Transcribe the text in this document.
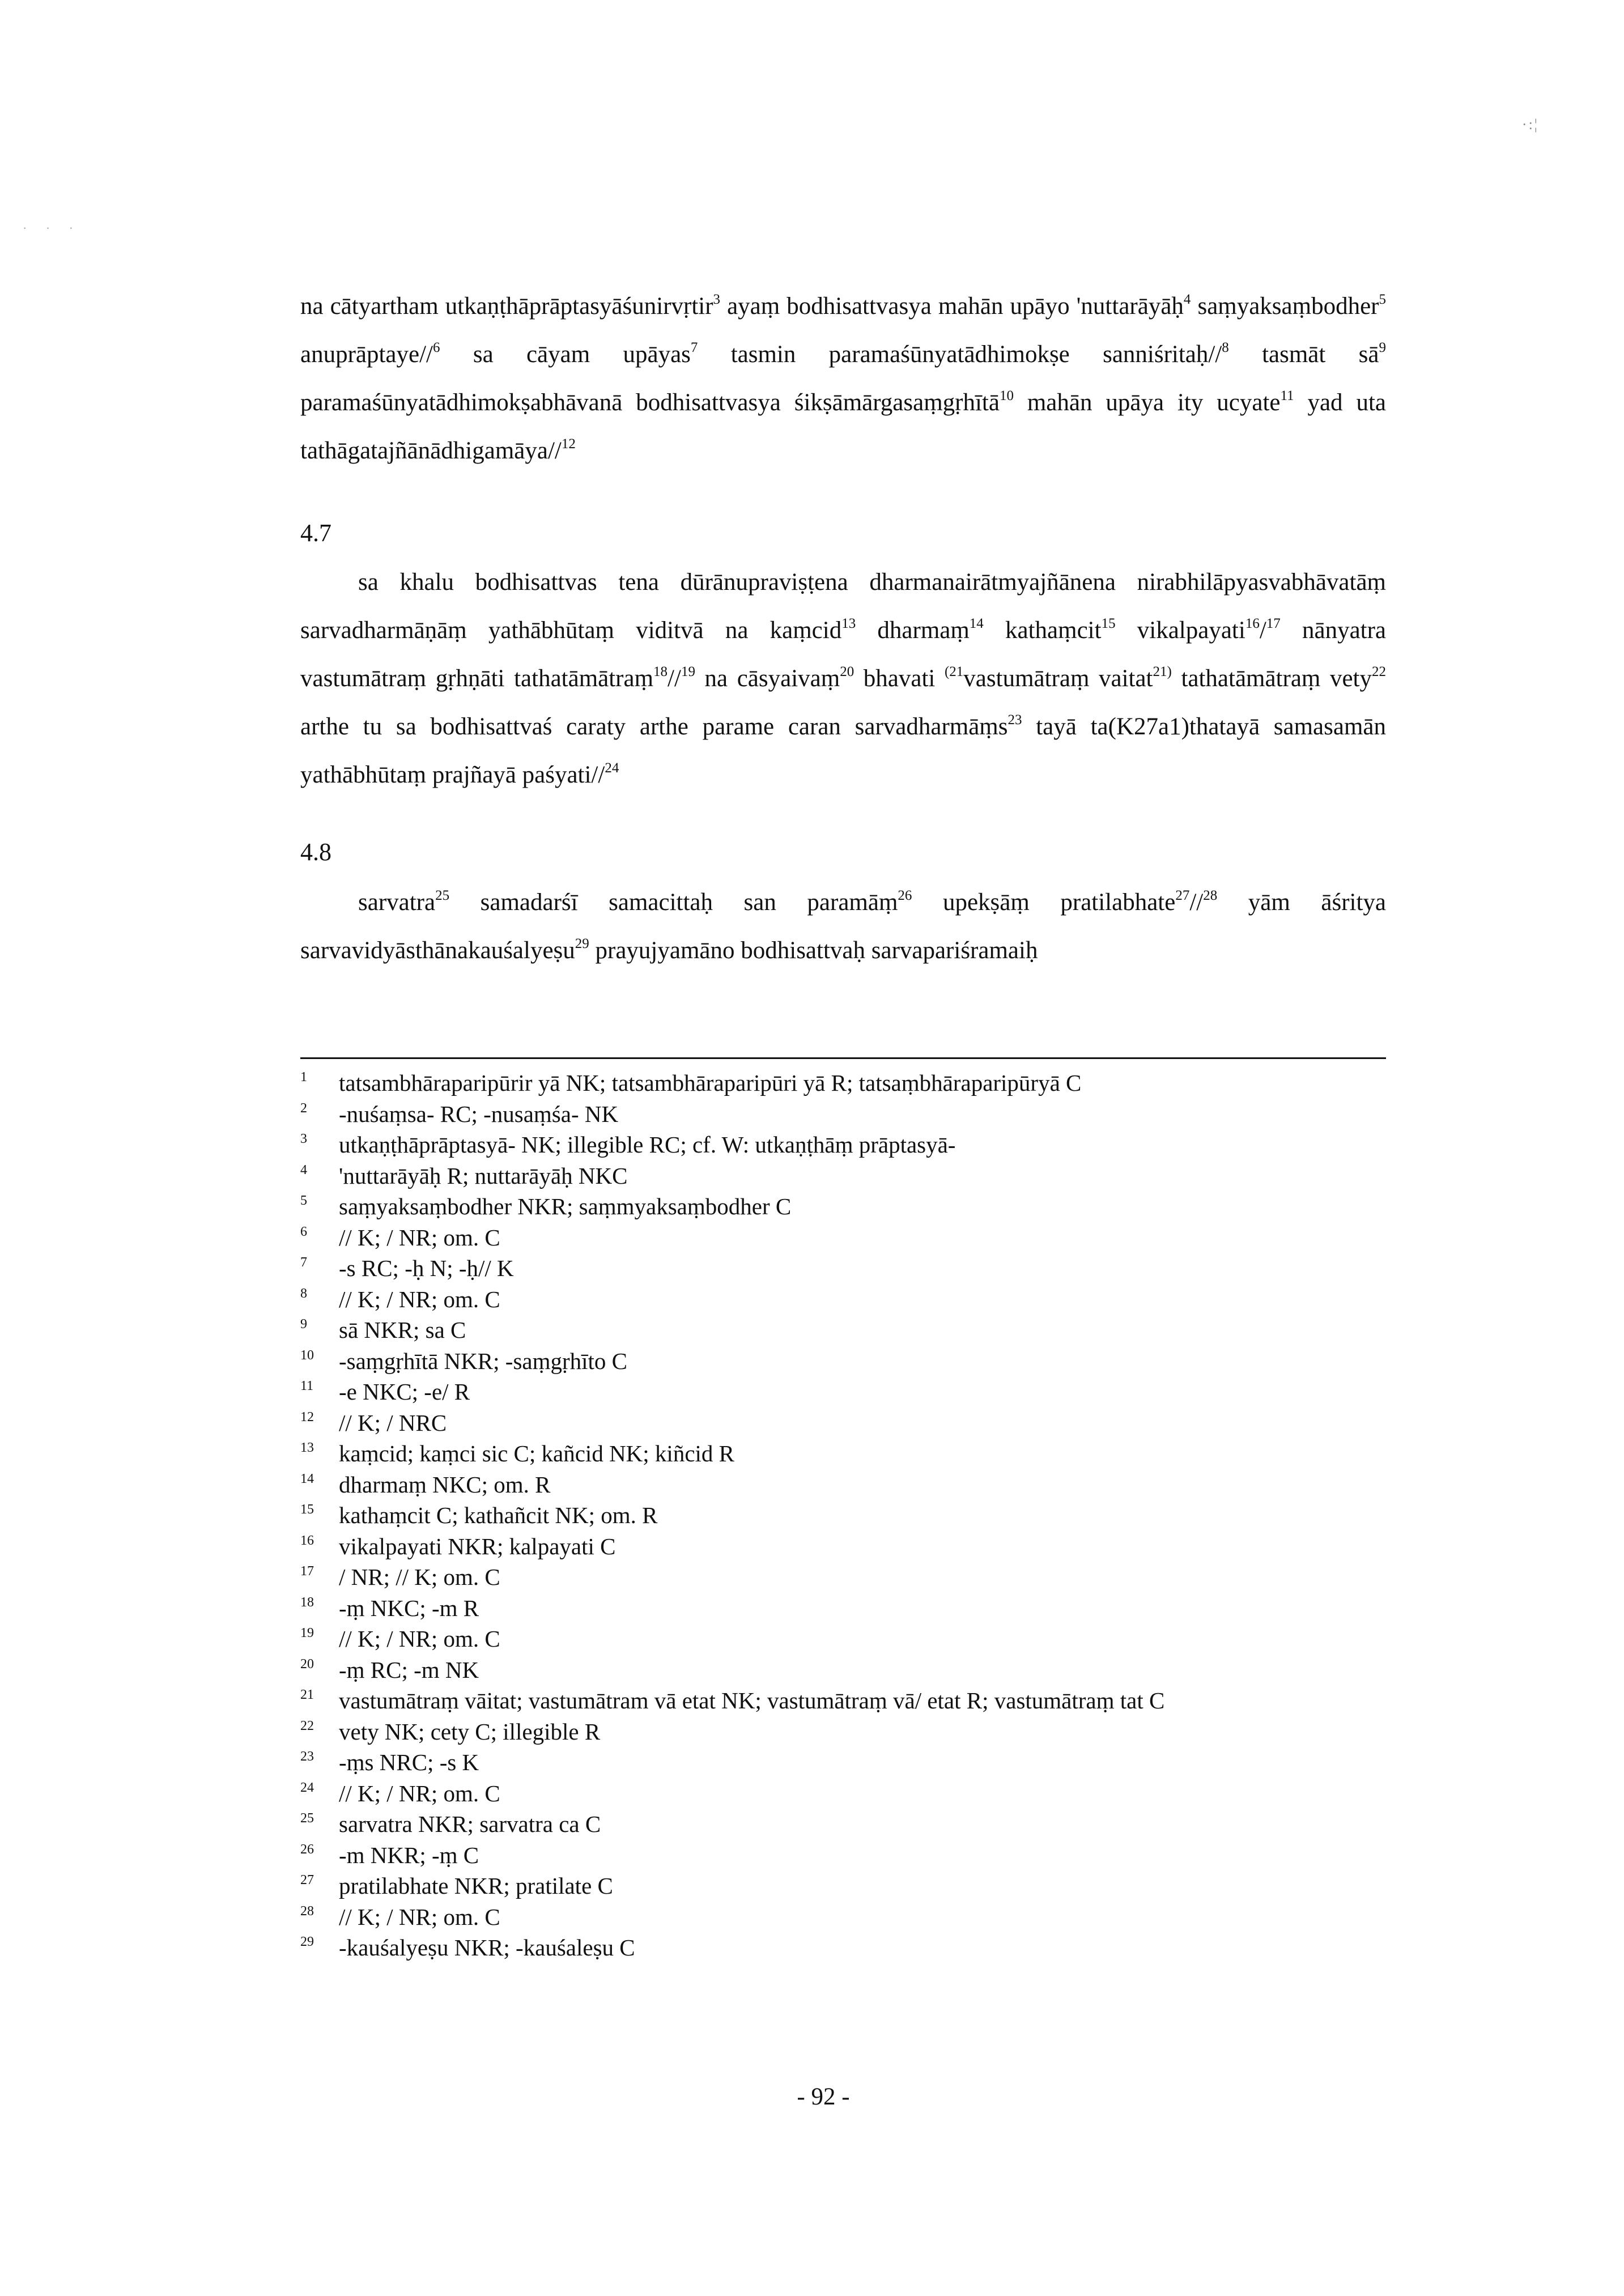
·:¦
· · ·

na cātyartham utkaṇṭhāprāptasyāśunirvṛtir$^3$ ayaṃ bodhisattvasya mahān upāyo 'nuttarāyāḥ$^4$ saṃyaksaṃbodher$^5$ anuprāptaye//$^6$ sa cāyam upāyas$^7$ tasmin paramaśūnyatādhimokṣe sanniśritaḥ//$^8$ tasmāt $sā^9$ paramaśūnyatādhimokṣabhāvanā bodhisattvasya śikṣāmārgasaṃgṛhītā$^{10}$ mahān upāya ity ucyate$^{11}$ yad uta tathāgatajñānādhigamāya//$^{12}$

4.7

sa khalu bodhisattvas tena dūrānupraviṣṭena dharmanairātmyajñānena nirabhilāpyasvabhāvatāṃ sarvadharmāṇāṃ yathābhūtaṃ viditvā na kaṃcid$^{13}$ dharmaṃ$^{14}$ kathaṃcit$^{15}$ vikalpayati$^{16}$/$^{17}$ nānyatra vastumātraṃ gṛhṇāti tathatāmātraṃ$^{18}$//$^{19}$ na cāsyaivaṃ$^{20}$ bhavati $^{(21}$vastumātraṃ vaitat$^{21)}$ tathatāmātraṃ vety$^{22}$ arthe tu sa bodhisattvaś caraty arthe parame caran sarvadharmāṃs$^{23}$ tayā ta(K27a1)thatayā samasamān yathābhūtaṃ prajñayā paśyati//$^{24}$

4.8

sarvatra$^{25}$ samadarśī samacittaḥ san paramāṃ$^{26}$ upekṣāṃ pratilabhate$^{27}$//$^{28}$ yām āśritya sarvavidyāsthānakauśalyeṣu$^{29}$ prayujyamāno bodhisattvaḥ sarvapariśramaiḥ

1	tatsambhāraparipūrir yā NK; tatsambhāraparipūri yā R; tatsaṃbhāraparipūryā C
2	-nuśaṃsa- RC; -nusaṃśa- NK
3	utkaṇṭhāprāptasyā- NK; illegible RC; cf. W: utkaṇṭhāṃ prāptasyā-
4	'nuttarāyāḥ R; nuttarāyāḥ NKC
5	saṃyaksaṃbodher NKR; saṃmyaksaṃbodher C
6	// K; / NR; om. C
7	-s RC; -ḥ N; -ḥ// K
8	// K; / NR; om. C
9	sā NKR; sa C
10	-saṃgṛhītā NKR; -saṃgṛhīto C
11	-e NKC; -e/ R
12	// K; / NRC
13	kaṃcid; kaṃci sic C; kañcid NK; kiñcid R
14	dharmaṃ NKC; om. R
15	kathaṃcit C; kathañcit NK; om. R
16	vikalpayati NKR; kalpayati C
17	/ NR; // K; om. C
18	-ṃ NKC; -m R
19	// K; / NR; om. C
20	-ṃ RC; -m NK
21	vastumātraṃ vāitat; vastumātram vā etat NK; vastumātraṃ vā/ etat R; vastumātraṃ tat C
22	vety NK; cety C; illegible R
23	-ṃs NRC; -s K
24	// K; / NR; om. C
25	sarvatra NKR; sarvatra ca C
26	-m NKR; -ṃ C
27	pratilabhate NKR; pratilate C
28	// K; / NR; om. C
29	-kauśalyeṣu NKR; -kauśaleṣu C
- 92 -
